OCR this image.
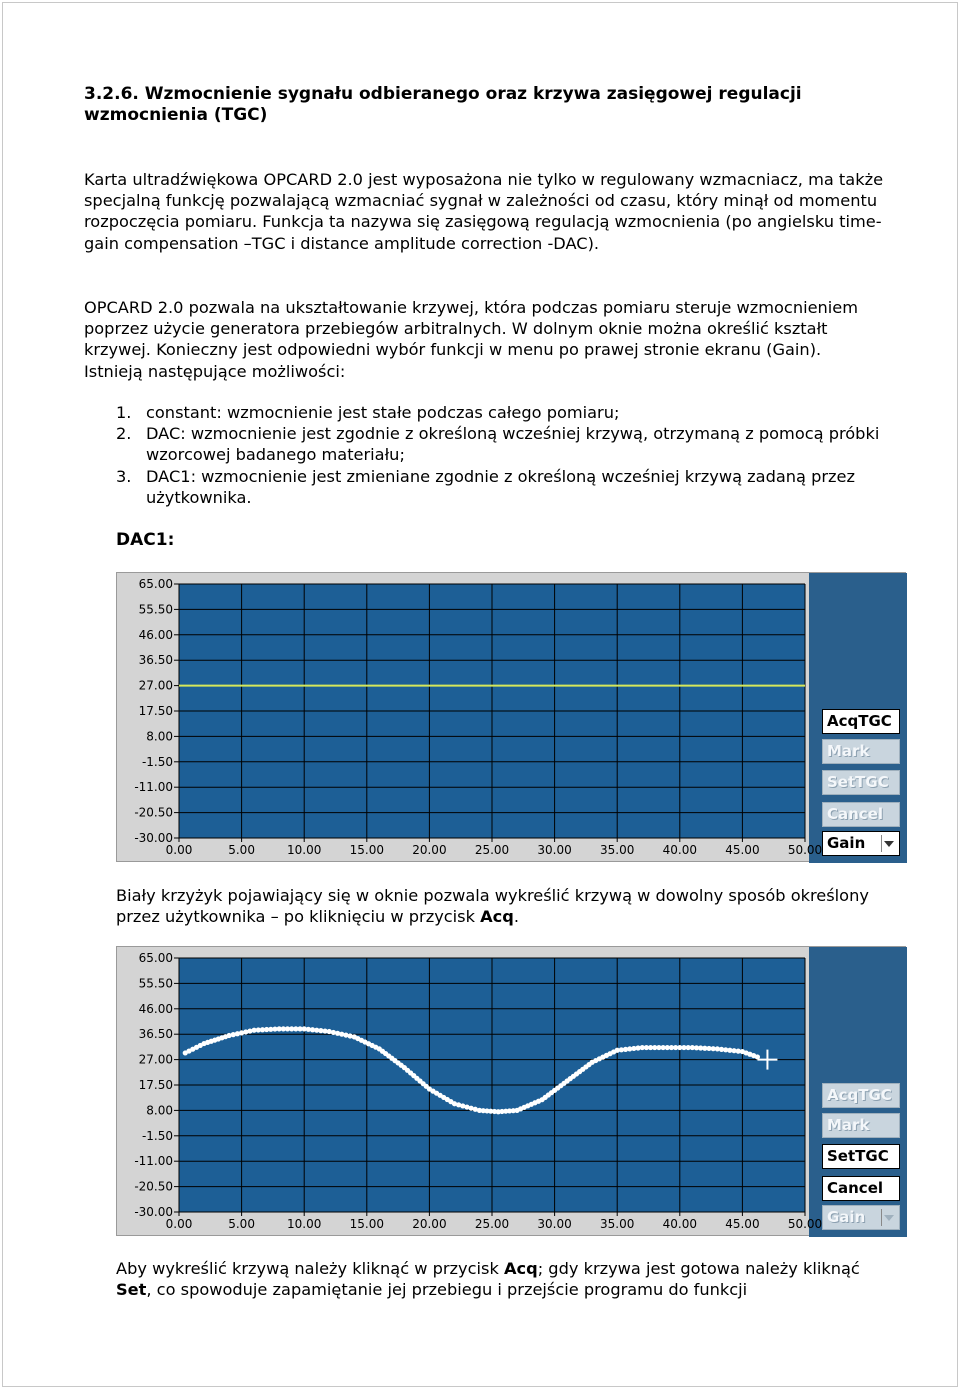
3.2.6. Wzmocnienie sygnału odbieranego oraz krzywa zasięgowej regulacji wzmocnienia (TGC)
Karta ultradźwiękowa OPCARD 2.0 jest wyposażona nie tylko w regulowany wzmacniacz, ma także specjalną funkcję pozwalającą wzmacniać sygnał w zależności od czasu, który minął od momentu rozpoczęcia pomiaru. Funkcja ta nazywa się zasięgową regulacją wzmocnienia (po angielsku time-gain compensation –TGC i distance amplitude correction -DAC).
OPCARD 2.0 pozwala na ukształtowanie krzywej, która podczas pomiaru steruje wzmocnieniem poprzez użycie generatora przebiegów arbitralnych. W dolnym oknie można określić kształt krzywej. Konieczny jest odpowiedni wybór funkcji w menu po prawej stronie ekranu (Gain).
Istnieją następujące możliwości:
1. constant: wzmocnienie jest stałe podczas całego pomiaru;
2. DAC: wzmocnienie jest zgodnie z określoną wcześniej krzywą, otrzymaną z pomocą próbki wzorcowej badanego materiału;
3. DAC1: wzmocnienie jest zmieniane zgodnie z określoną wcześniej krzywą zadaną przez użytkownika.
DAC1:
0.00	5.00	10.00 15.00 20.00 25.00 30.00 35.00 40.00 45.00 50.00
65.00
55.50
46.00
36.50
27.00
17.50
8.00
-1.50
-11.00
-20.50
-30.00
AcqTGC
Mark
SetTGC
Cancel
Gain
Biały krzyżyk pojawiający się w oknie pozwala wykreślić krzywą w dowolny sposób określony przez użytkownika – po kliknięciu w przycisk Acq.
0.00	5.00	10.00 15.00 20.00 25.00 30.00 35.00 40.00 45.00 50.00
65.00
55.50
46.00
36.50
27.00
17.50
8.00
-1.50
-11.00
-20.50
-30.00
AcqTGC
Mark
SetTGC
Cancel
Gain
Aby wykreślić krzywą należy kliknąć w przycisk Acq; gdy krzywa jest gotowa należy kliknąć Set, co spowoduje zapamiętanie jej przebiegu i przejście programu do funkcji
